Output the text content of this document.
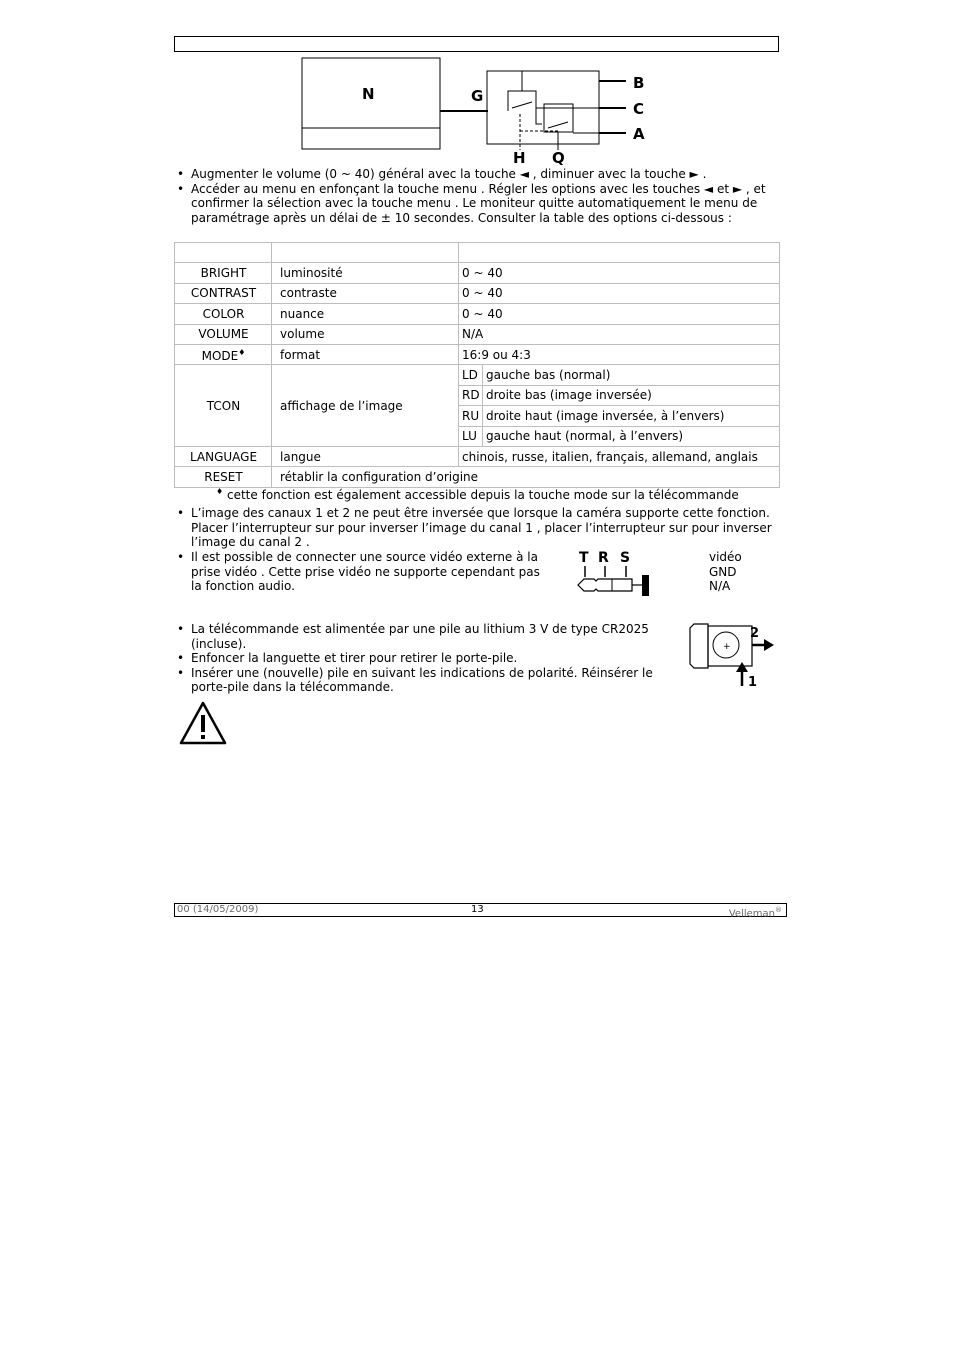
N	G
B
C
A
H Q
• Augmenter le volume (0 ~ 40) général avec la touche ◄ , diminuer avec la touche ► .
• Accéder au menu en enfonçant la touche menu . Régler les options avec les touches ◄ et ► , et confirmer la sélection avec la touche menu . Le moniteur quitte automatiquement le menu de paramétrage après un délai de ± 10 secondes. Consulter la table des options ci-dessous :

BRIGHT	luminosité	0 ~ 40	
CONTRAST	contraste	0 ~ 40	
COLOR	nuance	0 ~ 40	
VOLUME	volume	N/A	
MODE♦	format	16:9 ou 4:3	
TCON	affichage de l’image	LD	gauche bas (normal)
		RD	droite bas (image inversée)
		RU	droite haut (image inversée, à l’envers)
		LU	gauche haut (normal, à l’envers)
LANGUAGE	langue	chinois, russe, italien, français, allemand, anglais	
RESET	rétablir la configuration d’origine		
♦ cette fonction est également accessible depuis la touche mode sur la télécommande
• L’image des canaux 1 et 2 ne peut être inversée que lorsque la caméra supporte cette fonction. Placer l’interrupteur sur pour inverser l’image du canal 1 , placer l’interrupteur sur pour inverser l’image du canal 2 .
• Il est possible de connecter une source vidéo externe à la prise vidéo . Cette prise vidéo ne supporte cependant pas la fonction audio.
T R S	vidéo
GND
N/A
• La télécommande est alimentée par une pile au lithium 3 V de type CR2025 (incluse).
• Enfoncer la languette et tirer pour retirer le porte-pile.
• Insérer une (nouvelle) pile en suivant les indications de polarité. Réinsérer le porte-pile dans la télécommande.
+
2
1
00 (14/05/2009)	13	Velleman®
